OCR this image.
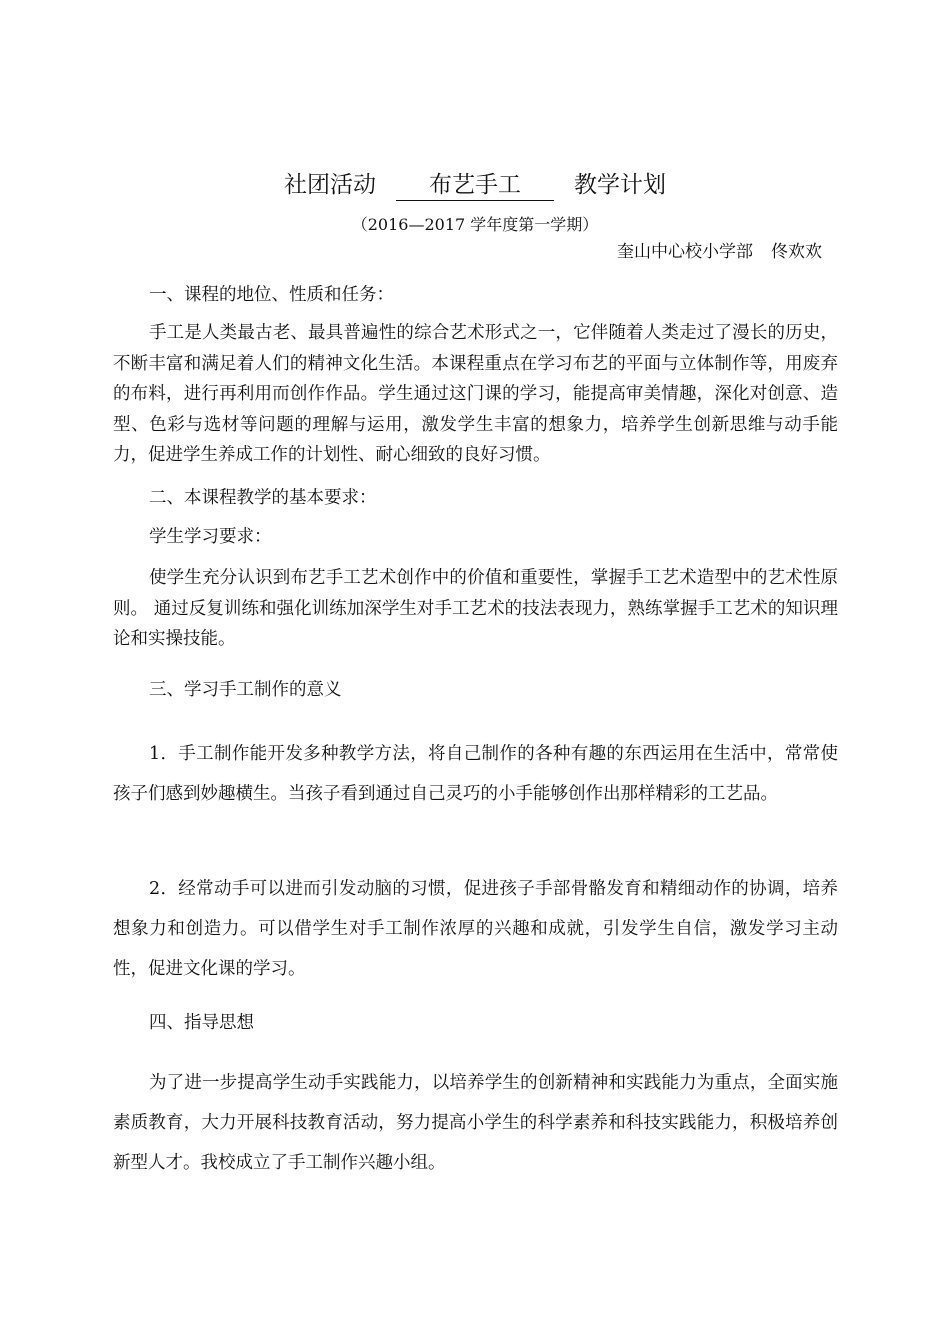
社团活动 布艺手工 教学计划
（2016—2017 学年度第一学期）
奎山中心校小学部 佟欢欢
一、课程的地位、性质和任务：
手工是人类最古老、最具普遍性的综合艺术形式之一，它伴随着人类走过了漫长的历史，不断丰富和满足着人们的精神文化生活。本课程重点在学习布艺的平面与立体制作等，用废弃的布料，进行再利用而创作作品。学生通过这门课的学习，能提高审美情趣，深化对创意、造型、色彩与选材等问题的理解与运用，激发学生丰富的想象力，培养学生创新思维与动手能力，促进学生养成工作的计划性、耐心细致的良好习惯。
二、本课程教学的基本要求：
学生学习要求：
使学生充分认识到布艺手工艺术创作中的价值和重要性，掌握手工艺术造型中的艺术性原则。 通过反复训练和强化训练加深学生对手工艺术的技法表现力，熟练掌握手工艺术的知识理论和实操技能。
三、学习手工制作的意义
1．手工制作能开发多种教学方法，将自己制作的各种有趣的东西运用在生活中，常常使孩子们感到妙趣横生。当孩子看到通过自己灵巧的小手能够创作出那样精彩的工艺品。
2．经常动手可以进而引发动脑的习惯，促进孩子手部骨骼发育和精细动作的协调，培养想象力和创造力。可以借学生对手工制作浓厚的兴趣和成就，引发学生自信，激发学习主动性，促进文化课的学习。
四、指导思想
为了进一步提高学生动手实践能力，以培养学生的创新精神和实践能力为重点，全面实施素质教育，大力开展科技教育活动，努力提高小学生的科学素养和科技实践能力，积极培养创新型人才。我校成立了手工制作兴趣小组。
